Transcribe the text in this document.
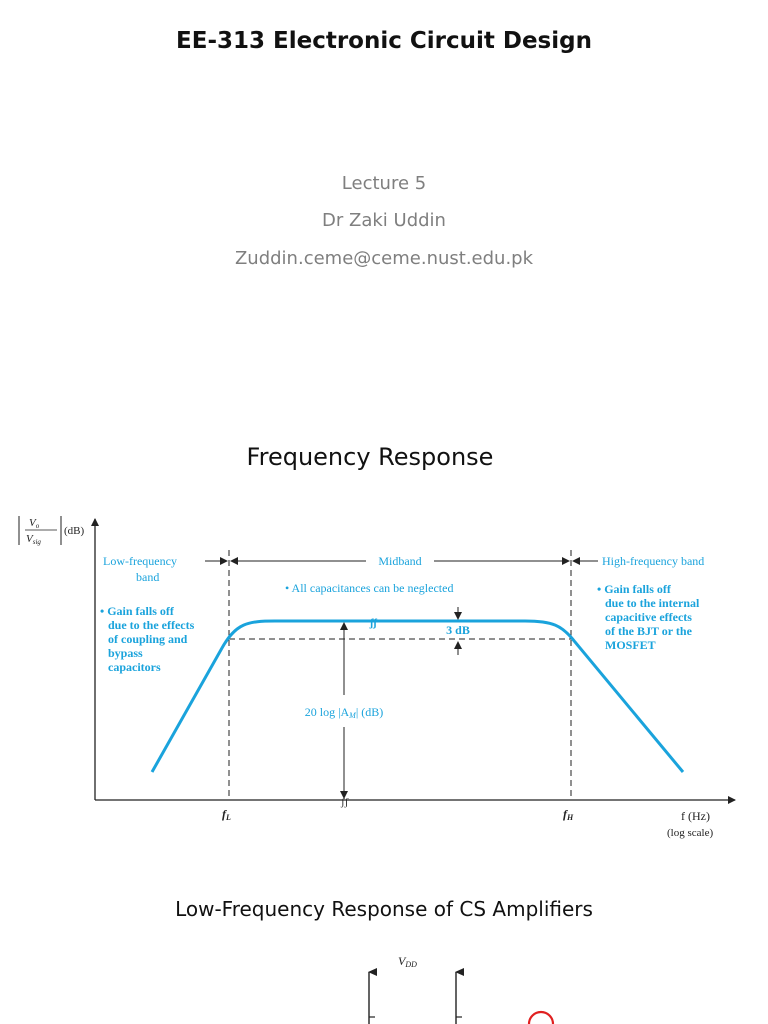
EE-313 Electronic Circuit Design
Lecture 5
Dr Zaki Uddin
Zuddin.ceme@ceme.nust.edu.pk
Frequency Response
Vo
Vsig
(dB)
Low-frequency
band
Midband	High-frequency band
• All capacitances can be neglected
• Gain falls off
due to the effects
of coupling and
bypass
capacitors
• Gain falls off
due to the internal
capacitive effects
of the BJT or the
MOSFET
ʃʃ
ʃʃ
20 log |AM| (dB)
3 dB
fL	fH	f (Hz)
(log scale)
Low-Frequency Response of CS Amplifiers
VDD
